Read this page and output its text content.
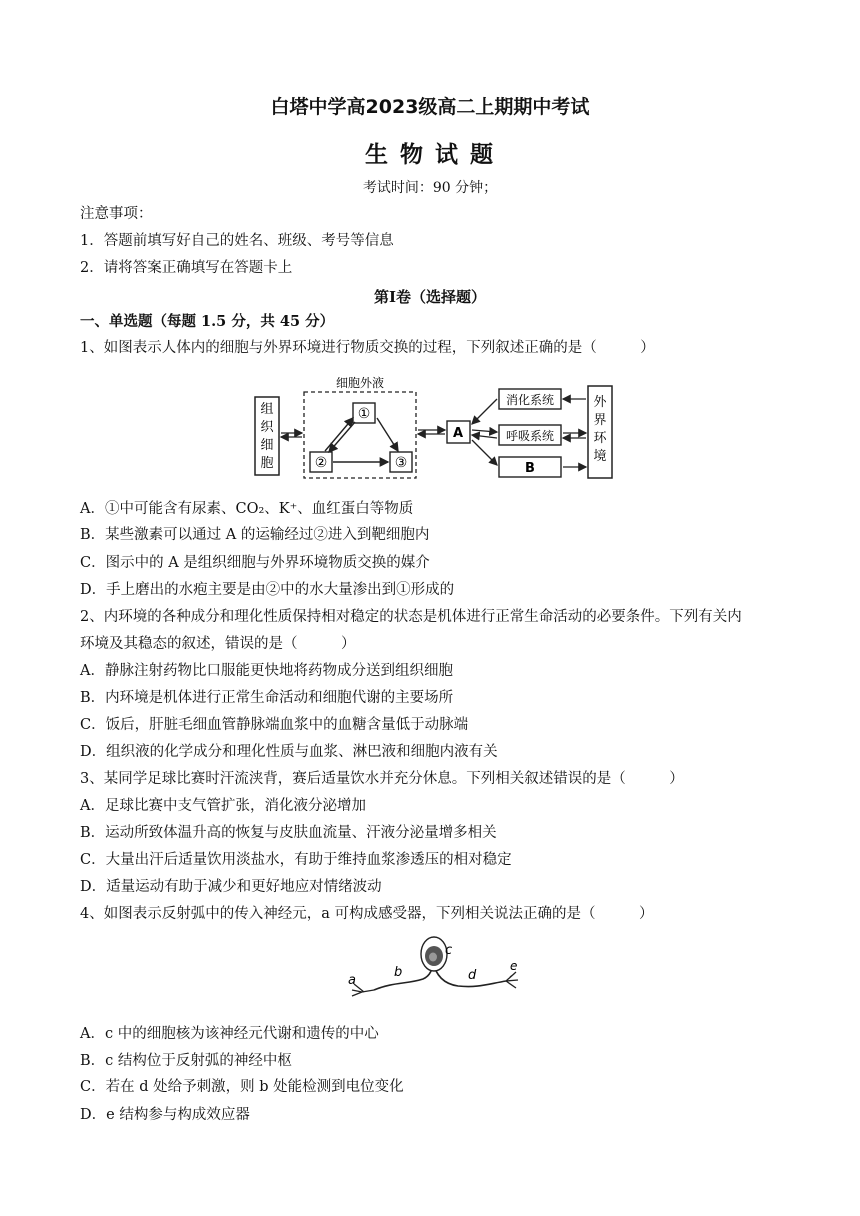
白塔中学高2023级高二上期期中考试
生 物 试 题
考试时间：90 分钟；
注意事项：
1．答题前填写好自己的姓名、班级、考号等信息
2．请将答案正确填写在答题卡上
第Ⅰ卷（选择题）
一、单选题（每题 1.5 分，共 45 分）
1、如图表示人体内的细胞与外界环境进行物质交换的过程，下列叙述正确的是（　　　）
组
织
细
胞
细胞外液
①
②	③
A
消化系统
呼吸系统
B
外
界
环
境
A．①中可能含有尿素、CO₂、K⁺、血红蛋白等物质
B．某些激素可以通过 A 的运输经过②进入到靶细胞内
C．图示中的 A 是组织细胞与外界环境物质交换的媒介
D．手上磨出的水疱主要是由②中的水大量渗出到①形成的
2、内环境的各种成分和理化性质保持相对稳定的状态是机体进行正常生命活动的必要条件。下列有关内
环境及其稳态的叙述，错误的是（　　　）
A．静脉注射药物比口服能更快地将药物成分送到组织细胞
B．内环境是机体进行正常生命活动和细胞代谢的主要场所
C．饭后，肝脏毛细血管静脉端血浆中的血糖含量低于动脉端
D．组织液的化学成分和理化性质与血浆、淋巴液和细胞内液有关
3、某同学足球比赛时汗流浃背，赛后适量饮水并充分休息。下列相关叙述错误的是（　　　）
A．足球比赛中支气管扩张，消化液分泌增加
B．运动所致体温升高的恢复与皮肤血流量、汗液分泌量增多相关
C．大量出汗后适量饮用淡盐水，有助于维持血浆渗透压的相对稳定
D．适量运动有助于减少和更好地应对情绪波动
4、如图表示反射弧中的传入神经元，a 可构成感受器，下列相关说法正确的是（　　　）
a
b
c
d
e
A．c 中的细胞核为该神经元代谢和遗传的中心
B．c 结构位于反射弧的神经中枢
C．若在 d 处给予刺激，则 b 处能检测到电位变化
D．e 结构参与构成效应器
